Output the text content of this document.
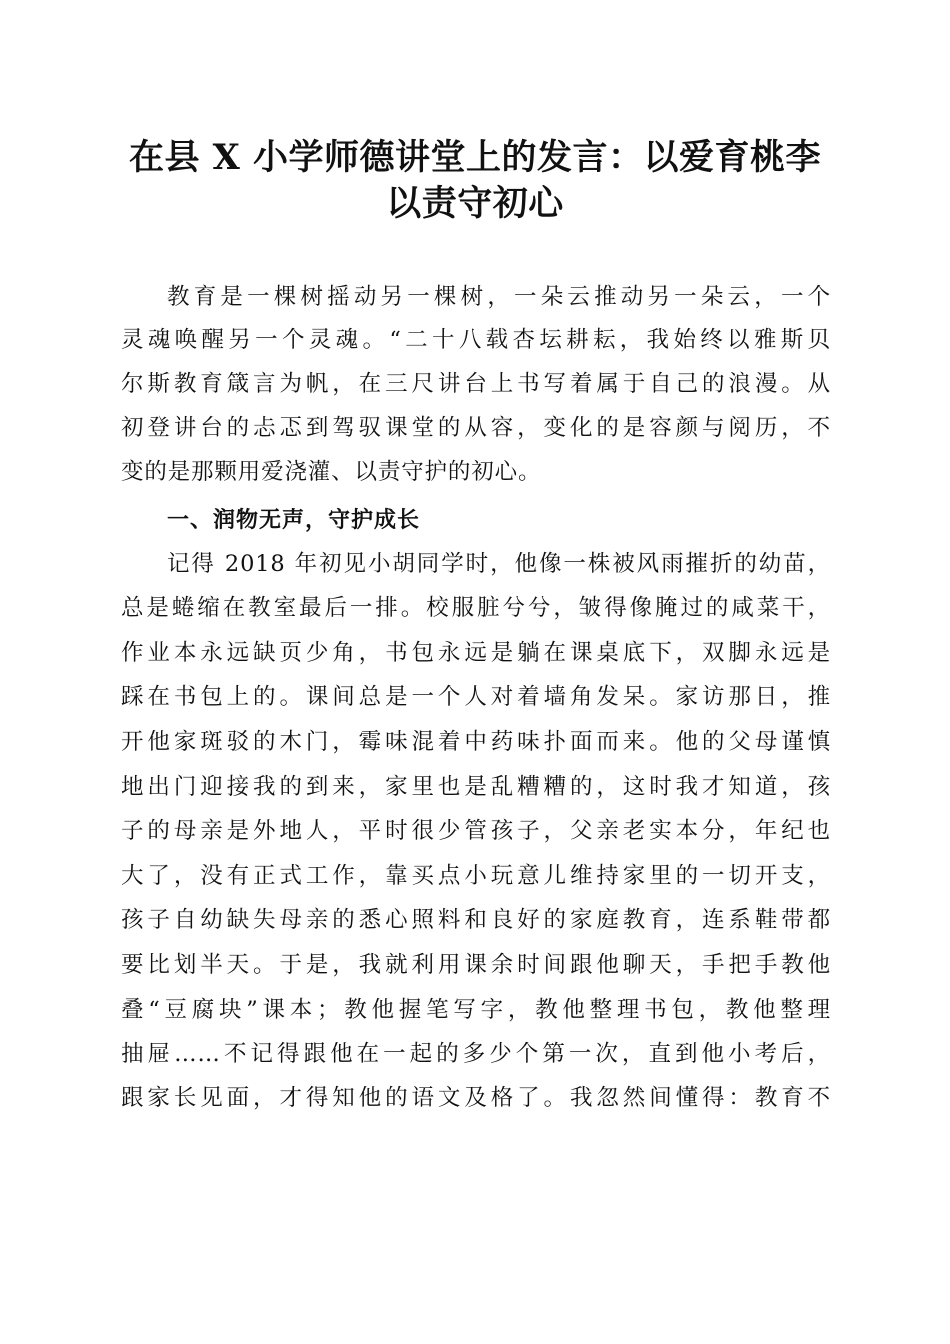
在县 X 小学师德讲堂上的发言：以爱育桃李
以责守初心

教育是一棵树摇动另一棵树，一朵云推动另一朵云，一个

灵魂唤醒另一个灵魂。“二十八载杏坛耕耘，我始终以雅斯贝

尔斯教育箴言为帆，在三尺讲台上书写着属于自己的浪漫。从

初登讲台的忐忑到驾驭课堂的从容，变化的是容颜与阅历，不

变的是那颗用爱浇灌、以责守护的初心。

一、润物无声，守护成长

记得 2018 年初见小胡同学时，他像一株被风雨摧折的幼苗，

总是蜷缩在教室最后一排。校服脏兮兮，皱得像腌过的咸菜干，

作业本永远缺页少角，书包永远是躺在课桌底下，双脚永远是

踩在书包上的。课间总是一个人对着墙角发呆。家访那日，推

开他家斑驳的木门，霉味混着中药味扑面而来。他的父母谨慎

地出门迎接我的到来，家里也是乱糟糟的，这时我才知道，孩

子的母亲是外地人，平时很少管孩子，父亲老实本分，年纪也

大了，没有正式工作，靠买点小玩意儿维持家里的一切开支，

孩子自幼缺失母亲的悉心照料和良好的家庭教育，连系鞋带都

要比划半天。于是，我就利用课余时间跟他聊天，手把手教他

叠“豆腐块”课本；教他握笔写字，教他整理书包，教他整理

抽屉……不记得跟他在一起的多少个第一次，直到他小考后，

跟家长见面，才得知他的语文及格了。我忽然间懂得：教育不
